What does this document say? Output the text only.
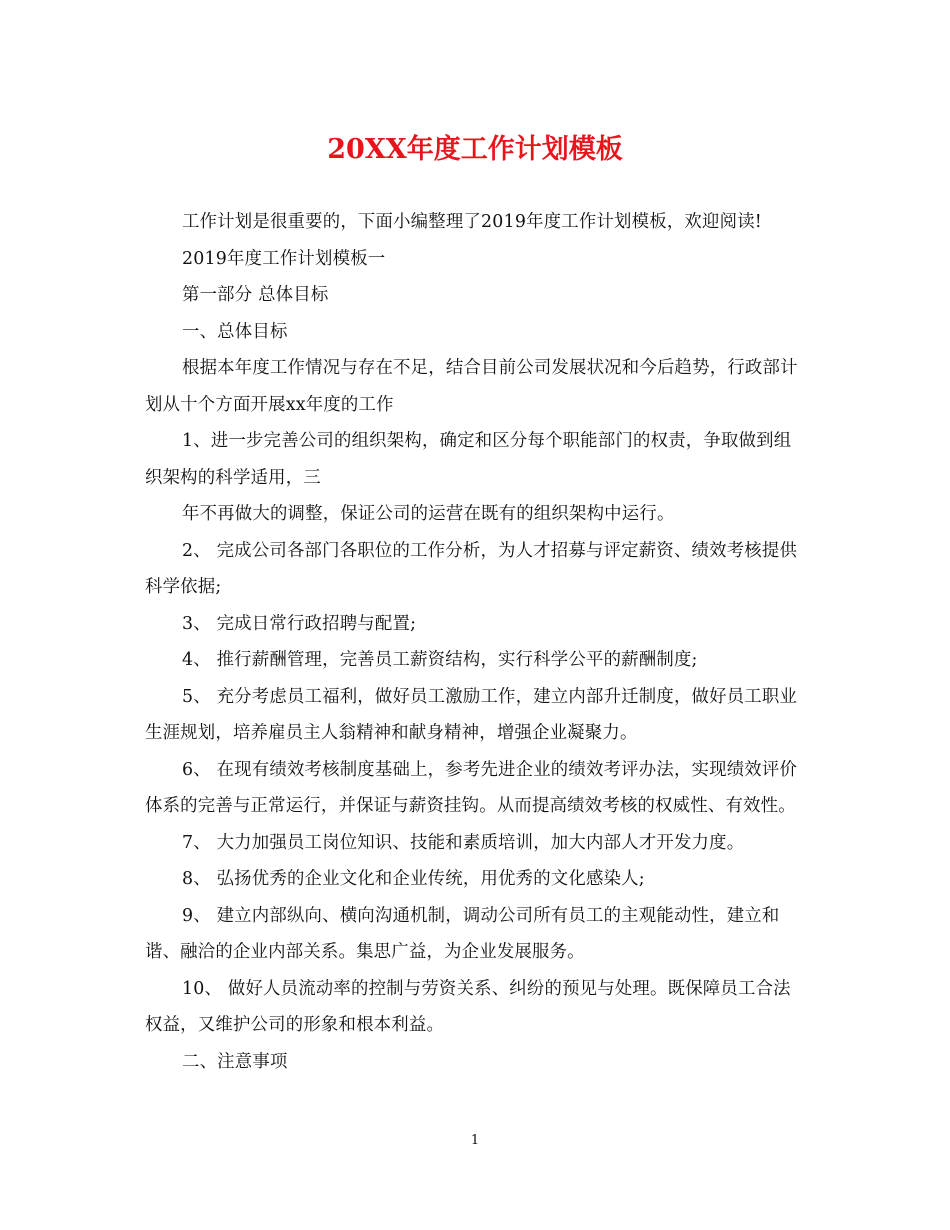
20XX年度工作计划模板

工作计划是很重要的，下面小编整理了2019年度工作计划模板，欢迎阅读!

2019年度工作计划模板一

第一部分 总体目标

一、总体目标

根据本年度工作情况与存在不足，结合目前公司发展状况和今后趋势，行政部计划从十个方面开展xx年度的工作

1、进一步完善公司的组织架构，确定和区分每个职能部门的权责，争取做到组织架构的科学适用，三

年不再做大的调整，保证公司的运营在既有的组织架构中运行。

2、 完成公司各部门各职位的工作分析，为人才招募与评定薪资、绩效考核提供科学依据;

3、 完成日常行政招聘与配置;

4、 推行薪酬管理，完善员工薪资结构，实行科学公平的薪酬制度;

5、 充分考虑员工福利，做好员工激励工作，建立内部升迁制度，做好员工职业生涯规划，培养雇员主人翁精神和献身精神，增强企业凝聚力。

6、 在现有绩效考核制度基础上，参考先进企业的绩效考评办法，实现绩效评价体系的完善与正常运行，并保证与薪资挂钩。从而提高绩效考核的权威性、有效性。

7、 大力加强员工岗位知识、技能和素质培训，加大内部人才开发力度。

8、 弘扬优秀的企业文化和企业传统，用优秀的文化感染人;

9、 建立内部纵向、横向沟通机制，调动公司所有员工的主观能动性，建立和谐、融洽的企业内部关系。集思广益，为企业发展服务。

10、 做好人员流动率的控制与劳资关系、纠纷的预见与处理。既保障员工合法权益，又维护公司的形象和根本利益。

二、注意事项

1
